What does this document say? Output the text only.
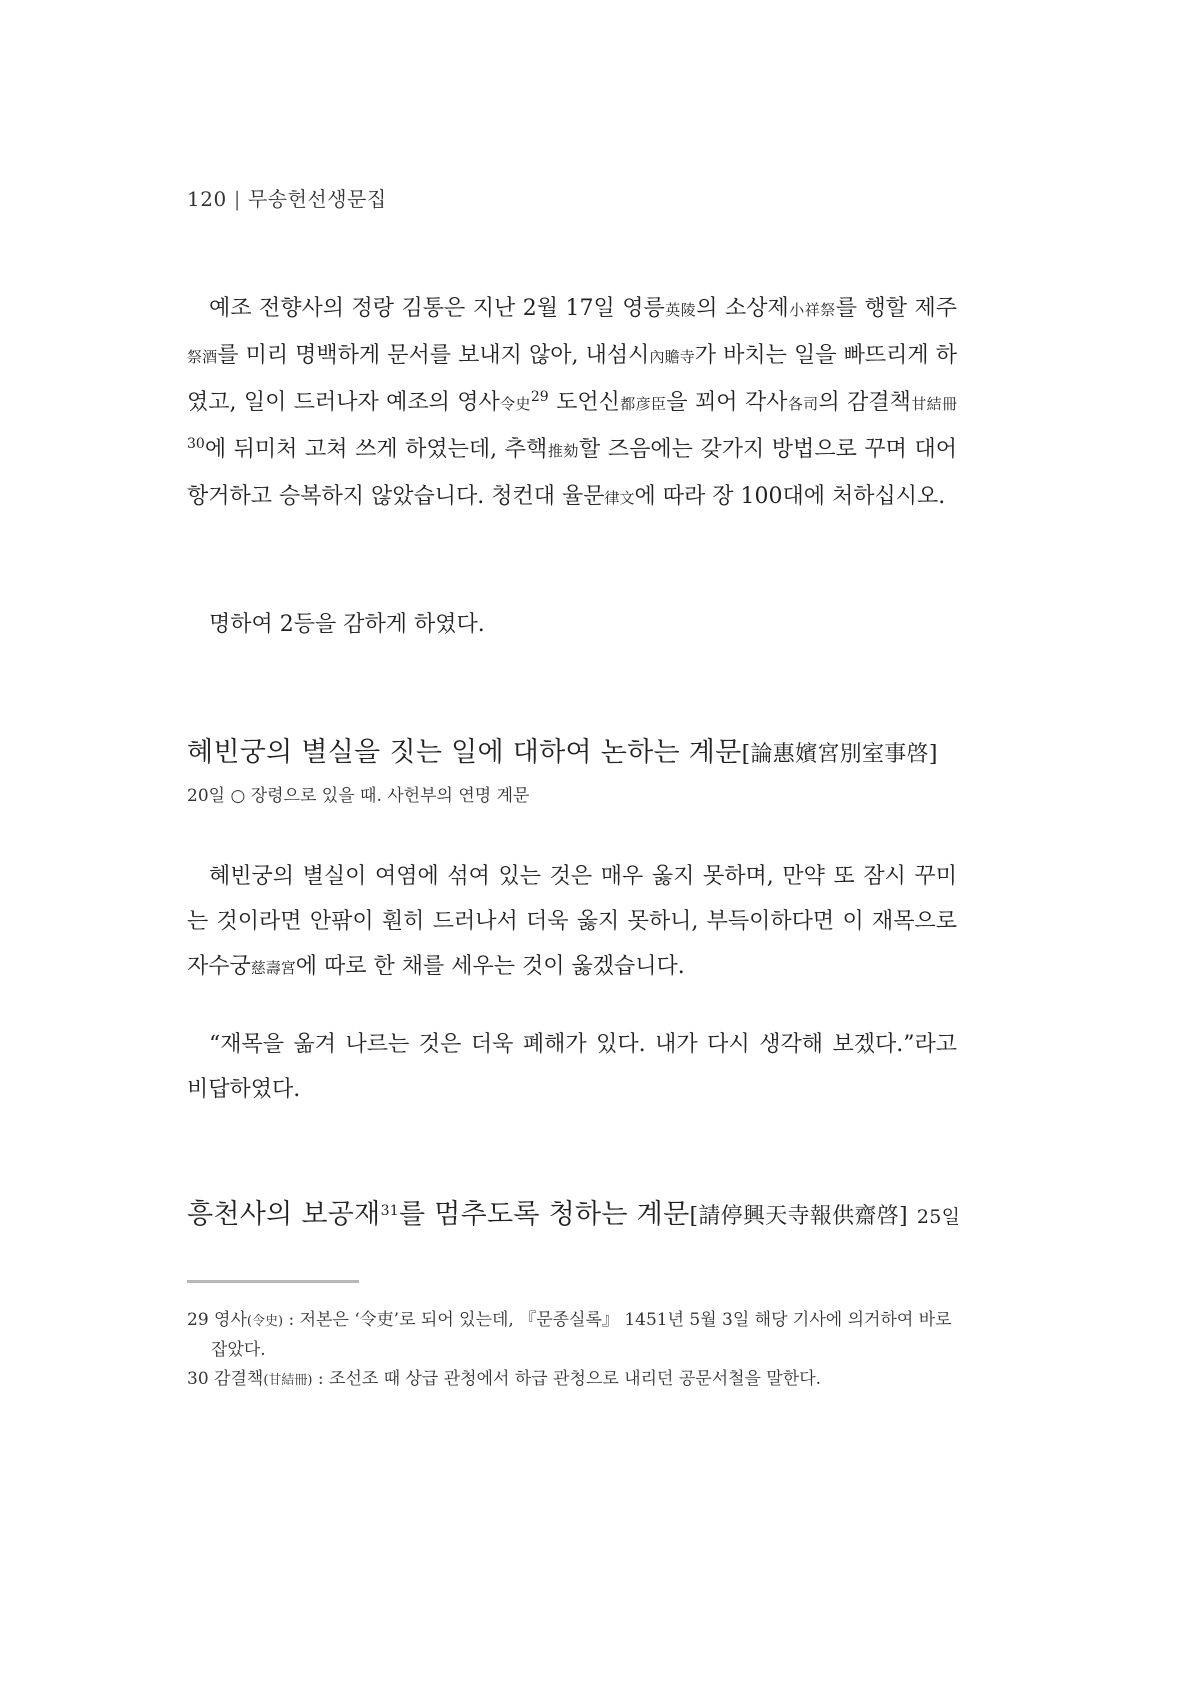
120 | 무송헌선생문집

예조 전향사의 정랑 김통은 지난 2월 17일 영릉英陵의 소상제小祥祭를 행할 제주祭酒를 미리 명백하게 문서를 보내지 않아, 내섬시內贍寺가 바치는 일을 빠뜨리게 하였고, 일이 드러나자 예조의 영사令史$^{29}$ 도언신都彦臣을 꾀어 각사各司의 감결책甘結冊$^{30}$에 뒤미처 고쳐 쓰게 하였는데, 추핵推劾할 즈음에는 갖가지 방법으로 꾸며 대어 항거하고 승복하지 않았습니다. 청컨대 율문律文에 따라 장 100대에 처하십시오.

명하여 2등을 감하게 하였다.

혜빈궁의 별실을 짓는 일에 대하여 논하는 계문[論惠嬪宮別室事啓]

20일 ○ 장령으로 있을 때. 사헌부의 연명 계문

혜빈궁의 별실이 여염에 섞여 있는 것은 매우 옳지 못하며, 만약 또 잠시 꾸미는 것이라면 안팎이 훤히 드러나서 더욱 옳지 못하니, 부득이하다면 이 재목으로 자수궁慈壽宮에 따로 한 채를 세우는 것이 옳겠습니다.

“재목을 옮겨 나르는 것은 더욱 폐해가 있다. 내가 다시 생각해 보겠다.”라고 비답하였다.

흥천사의 보공재$^{31}$를 멈추도록 청하는 계문[請停興天寺報供齋啓] 25일

29 영사(令史) : 저본은 ‘令吏’로 되어 있는데, 『문종실록』 1451년 5월 3일 해당 기사에 의거하여 바로잡았다.

30 감결책(甘結冊) : 조선조 때 상급 관청에서 하급 관청으로 내리던 공문서철을 말한다.
